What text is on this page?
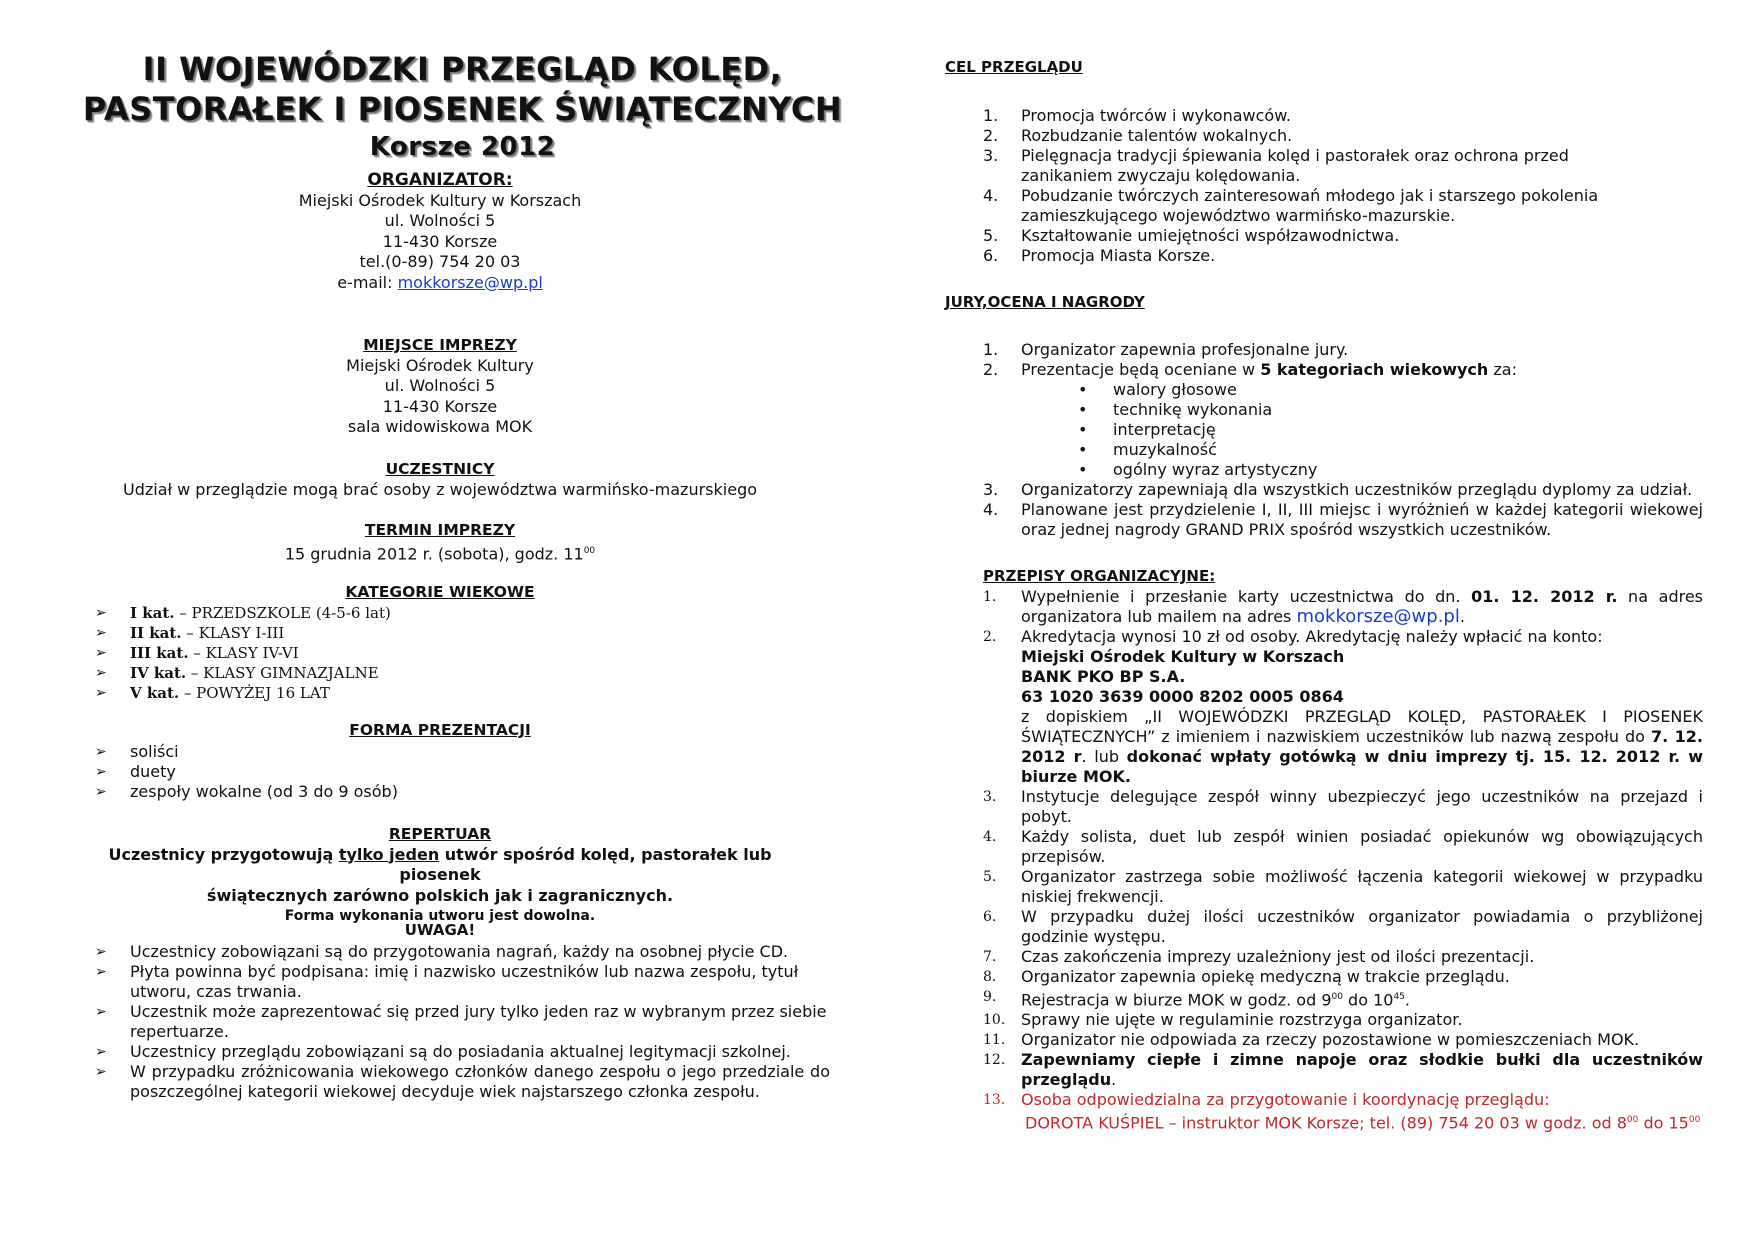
II WOJEWÓDZKI PRZEGLĄD KOLĘD,
PASTORAŁEK I PIOSENEK ŚWIĄTECZNYCH
Korsze 2012
ORGANIZATOR:
Miejski Ośrodek Kultury w Korszach
ul. Wolności 5
11-430 Korsze
tel.(0-89) 754 20 03
e-mail: mokkorsze@wp.pl
MIEJSCE IMPREZY
Miejski Ośrodek Kultury
ul. Wolności 5
11-430 Korsze
sala widowiskowa MOK
UCZESTNICY
Udział w przeglądzie mogą brać osoby z województwa warmińsko-mazurskiego
TERMIN IMPREZY
15 grudnia 2012 r. (sobota), godz. $11^{00}$
KATEGORIE WIEKOWE
➢	I kat. – PRZEDSZKOLE (4-5-6 lat)
➢	II kat. – KLASY I-III
➢	III kat. – KLASY IV-VI
➢	IV kat. – KLASY GIMNAZJALNE
➢	V kat. – POWYŻEJ 16 LAT
FORMA PREZENTACJI
➢	soliści
➢	duety
➢	zespoły wokalne (od 3 do 9 osób)
REPERTUAR
Uczestnicy przygotowują tylko jeden utwór spośród kolęd, pastorałek lub piosenek
świątecznych zarówno polskich jak i zagranicznych.
Forma wykonania utworu jest dowolna.
UWAGA!
➢	Uczestnicy zobowiązani są do przygotowania nagrań, każdy na osobnej płycie CD.
➢	Płyta powinna być podpisana: imię i nazwisko uczestników lub nazwa zespołu, tytuł utworu, czas trwania.
➢	Uczestnik może zaprezentować się przed jury tylko jeden raz w wybranym przez siebie repertuarze.
➢	Uczestnicy przeglądu zobowiązani są do posiadania aktualnej legitymacji szkolnej.
➢	W przypadku zróżnicowania wiekowego członków danego zespołu o jego przedziale do poszczególnej kategorii wiekowej decyduje wiek najstarszego członka zespołu.
CEL PRZEGLĄDU
1.	Promocja twórców i wykonawców.
2.	Rozbudzanie talentów wokalnych.
3.	Pielęgnacja tradycji śpiewania kolęd i pastorałek oraz ochrona przed zanikaniem zwyczaju kolędowania.
4.	Pobudzanie twórczych zainteresowań młodego jak i starszego pokolenia zamieszkującego województwo warmińsko-mazurskie.
5.	Kształtowanie umiejętności współzawodnictwa.
6.	Promocja Miasta Korsze.
JURY,OCENA I NAGRODY
1.	Organizator zapewnia profesjonalne jury.
2.	Prezentacje będą oceniane w 5 kategoriach wiekowych za:
• walory głosowe
• technikę wykonania
• interpretację
• muzykalność
• ogólny wyraz artystyczny
3.	Organizatorzy zapewniają dla wszystkich uczestników przeglądu dyplomy za udział.
4.	Planowane jest przydzielenie I, II, III miejsc i wyróżnień w każdej kategorii wiekowej oraz jednej nagrody GRAND PRIX spośród wszystkich uczestników.
PRZEPISY ORGANIZACYJNE:
1.	Wypełnienie i przesłanie karty uczestnictwa do dn. 01. 12. 2012 r. na adres organizatora lub mailem na adres mokkorsze@wp.pl.
2.	Akredytacja wynosi 10 zł od osoby. Akredytację należy wpłacić na konto:
Miejski Ośrodek Kultury w Korszach
BANK PKO BP S.A.
63 1020 3639 0000 8202 0005 0864
z dopiskiem „II WOJEWÓDZKI PRZEGLĄD KOLĘD, PASTORAŁEK I PIOSENEK ŚWIĄTECZNYCH” z imieniem i nazwiskiem uczestników lub nazwą zespołu do 7. 12. 2012 r. lub dokonać wpłaty gotówką w dniu imprezy tj. 15. 12. 2012 r. w biurze MOK.
3.	Instytucje delegujące zespół winny ubezpieczyć jego uczestników na przejazd i pobyt.
4.	Każdy solista, duet lub zespół winien posiadać opiekunów wg obowiązujących przepisów.
5.	Organizator zastrzega sobie możliwość łączenia kategorii wiekowej w przypadku niskiej frekwencji.
6.	W przypadku dużej ilości uczestników organizator powiadamia o przybliżonej godzinie występu.
7.	Czas zakończenia imprezy uzależniony jest od ilości prezentacji.
8.	Organizator zapewnia opiekę medyczną w trakcie przeglądu.
9.	Rejestracja w biurze MOK w godz. od $9^{00}$ do $10^{45}$.
10. Sprawy nie ujęte w regulaminie rozstrzyga organizator.
11. Organizator nie odpowiada za rzeczy pozostawione w pomieszczeniach MOK.
12. Zapewniamy ciepłe i zimne napoje oraz słodkie bułki dla uczestników przeglądu.
13. Osoba odpowiedzialna za przygotowanie i koordynację przeglądu:
DOROTA KUŚPIEL – instruktor MOK Korsze; tel. (89) 754 20 03 w godz. od $8^{00}$ do $15^{00}$
